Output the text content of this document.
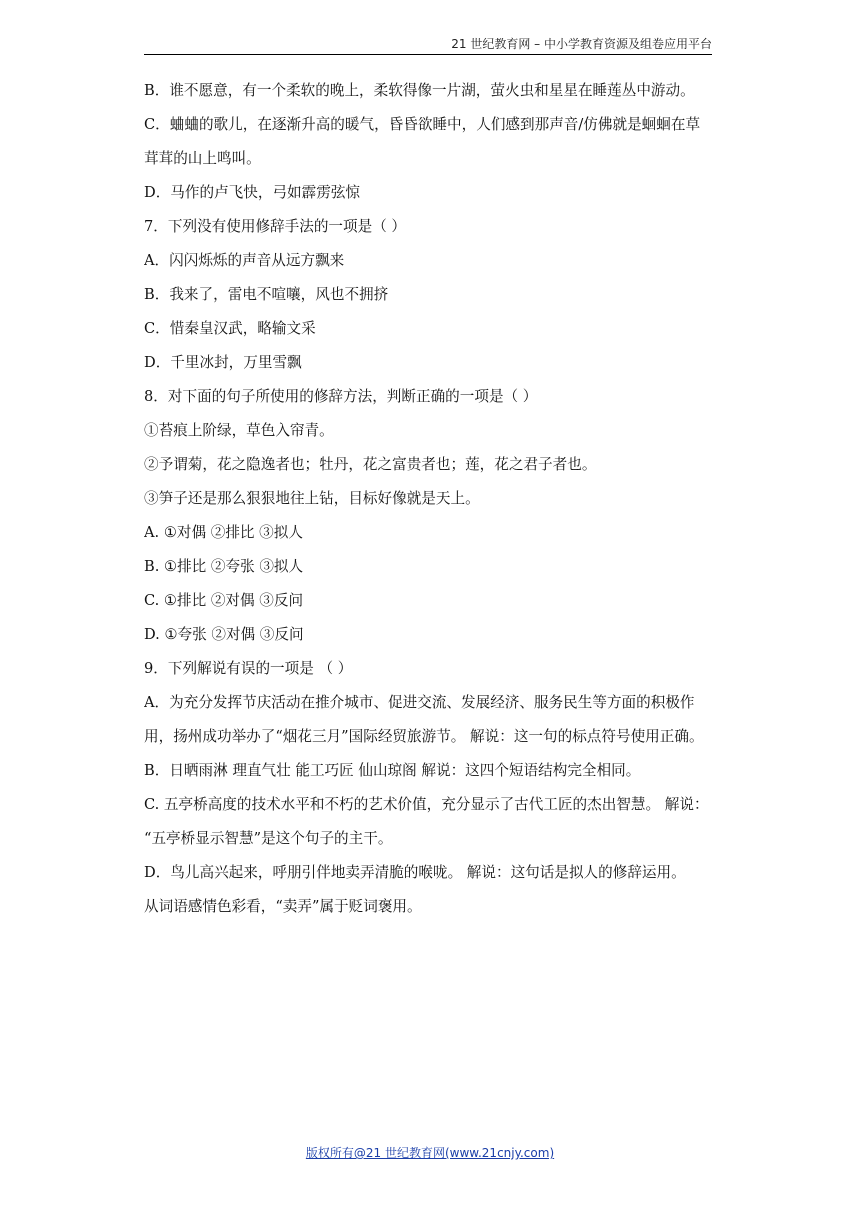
21 世纪教育网 – 中小学教育资源及组卷应用平台
B．谁不愿意，有一个柔软的晚上，柔软得像一片湖，萤火虫和星星在睡莲丛中游动。
C．蛐蛐的歌儿，在逐渐升高的暖气，昏昏欲睡中，人们感到那声音/仿佛就是蛔蛔在草
茸茸的山上鸣叫。
D．马作的卢飞快，弓如霹雳弦惊
7．下列没有使用修辞手法的一项是（ ）
A．闪闪烁烁的声音从远方飘来
B．我来了，雷电不喧嚷，风也不拥挤
C．惜秦皇汉武，略输文采
D．千里冰封，万里雪飘
8．对下面的句子所使用的修辞方法，判断正确的一项是（ ）
①苔痕上阶绿，草色入帘青。
②予谓菊，花之隐逸者也；牡丹，花之富贵者也；莲，花之君子者也。
③笋子还是那么狠狠地往上钻，目标好像就是天上。
A. ①对偶 ②排比 ③拟人
B. ①排比 ②夸张 ③拟人
C. ①排比 ②对偶 ③反问
D. ①夸张 ②对偶 ③反问
9．下列解说有误的一项是 （ ）
A．为充分发挥节庆活动在推介城市、促进交流、发展经济、服务民生等方面的积极作
用，扬州成功举办了“烟花三月”国际经贸旅游节。 解说：这一句的标点符号使用正确。
B．日晒雨淋 理直气壮 能工巧匠 仙山琼阁 解说：这四个短语结构完全相同。
C. 五亭桥高度的技术水平和不朽的艺术价值，充分显示了古代工匠的杰出智慧。 解说：
“五亭桥显示智慧”是这个句子的主干。
D．鸟儿高兴起来，呼朋引伴地卖弄清脆的喉咙。 解说：这句话是拟人的修辞运用。
从词语感情色彩看，“卖弄”属于贬词褒用。
版权所有@21 世纪教育网(www.21cnjy.com)
